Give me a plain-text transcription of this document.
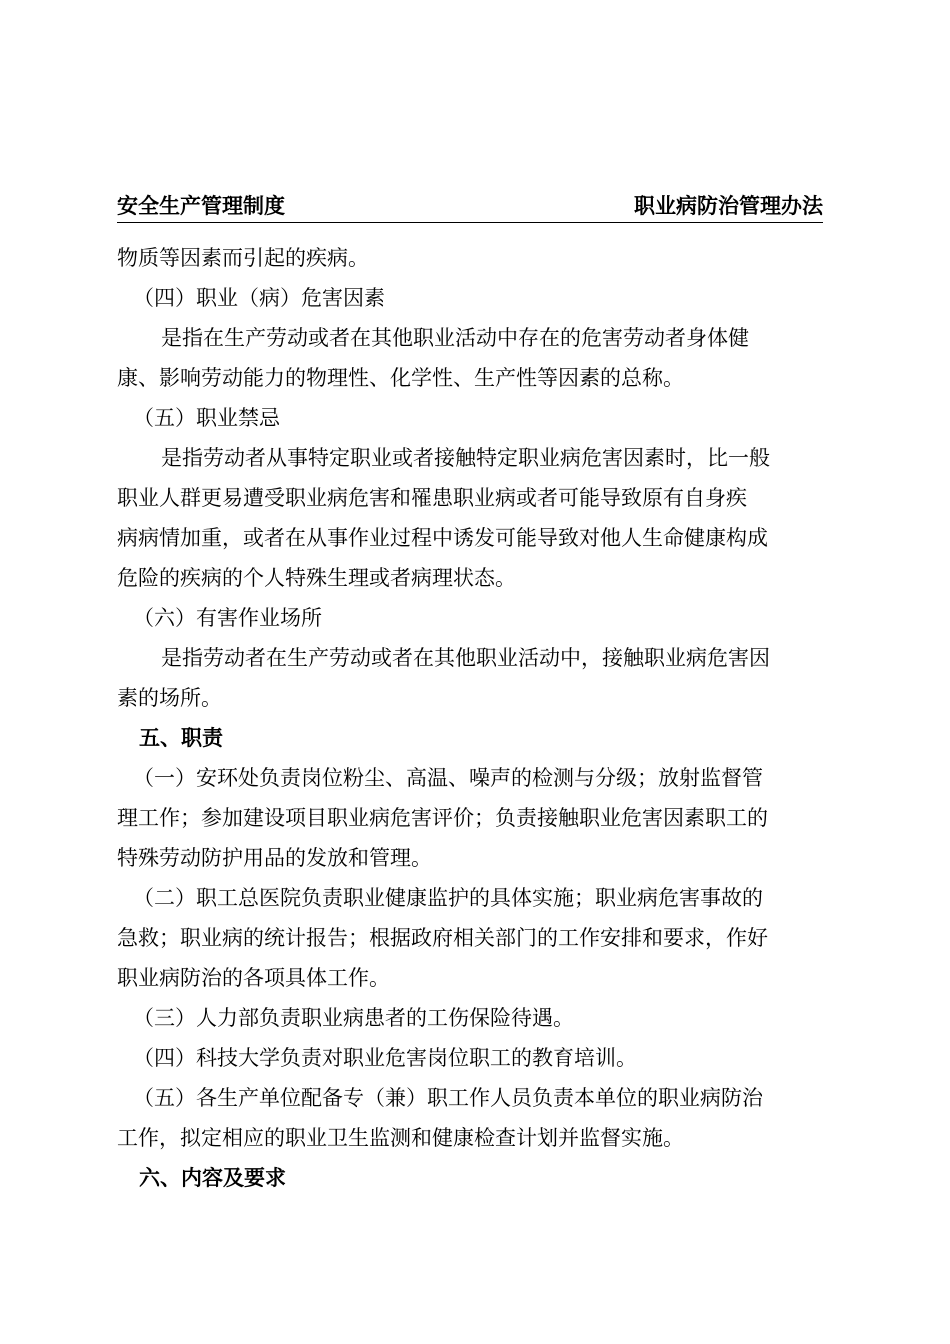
安全生产管理制度	职业病防治管理办法
物质等因素而引起的疾病。
（四）职业（病）危害因素
是指在生产劳动或者在其他职业活动中存在的危害劳动者身体健
康、影响劳动能力的物理性、化学性、生产性等因素的总称。
（五）职业禁忌
是指劳动者从事特定职业或者接触特定职业病危害因素时，比一般
职业人群更易遭受职业病危害和罹患职业病或者可能导致原有自身疾
病病情加重，或者在从事作业过程中诱发可能导致对他人生命健康构成
危险的疾病的个人特殊生理或者病理状态。
（六）有害作业场所
是指劳动者在生产劳动或者在其他职业活动中，接触职业病危害因
素的场所。
五、职责
（一）安环处负责岗位粉尘、高温、噪声的检测与分级；放射监督管
理工作；参加建设项目职业病危害评价；负责接触职业危害因素职工的
特殊劳动防护用品的发放和管理。
（二）职工总医院负责职业健康监护的具体实施；职业病危害事故的
急救；职业病的统计报告；根据政府相关部门的工作安排和要求，作好
职业病防治的各项具体工作。
（三）人力部负责职业病患者的工伤保险待遇。
（四）科技大学负责对职业危害岗位职工的教育培训。
（五）各生产单位配备专（兼）职工作人员负责本单位的职业病防治
工作，拟定相应的职业卫生监测和健康检查计划并监督实施。
六、内容及要求
